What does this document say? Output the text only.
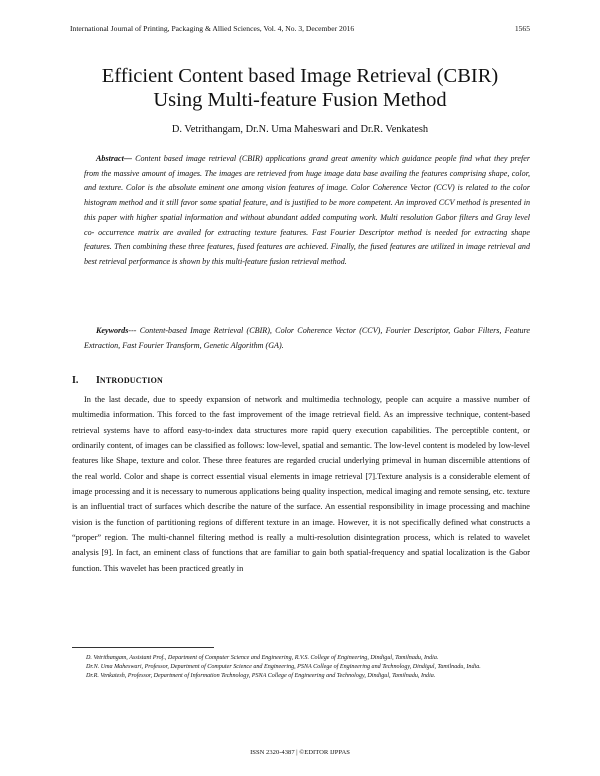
International Journal of Printing, Packaging & Allied Sciences, Vol. 4, No. 3, December 2016	1565
Efficient Content based Image Retrieval (CBIR)
Using Multi-feature Fusion Method
D. Vetrithangam, Dr.N. Uma Maheswari and Dr.R. Venkatesh

Abstract— Content based image retrieval (CBIR) applications grand great amenity which guidance people find what they prefer from the massive amount of images. The images are retrieved from huge image data base availing the features comprising shape, color, and texture. Color is the absolute eminent one among vision features of image. Color Coherence Vector (CCV) is related to the color histogram method and it still favor some spatial feature, and is justified to be more competent. An improved CCV method is presented in this paper with higher spatial information and without abundant added computing work. Multi resolution Gabor filters and Gray level co- occurrence matrix are availed for extracting texture features. Fast Fourier Descriptor method is needed for extracting shape features. Then combining these three features, fused features are achieved. Finally, the fused features are utilized in image retrieval and best retrieval performance is shown by this multi-feature fusion retrieval method.

Keywords--- Content-based Image Retrieval (CBIR), Color Coherence Vector (CCV), Fourier Descriptor, Gabor Filters, Feature Extraction, Fast Fourier Transform, Genetic Algorithm (GA).

I. INTRODUCTION

In the last decade, due to speedy expansion of network and multimedia technology, people can acquire a massive number of multimedia information. This forced to the fast improvement of the image retrieval field. As an impressive technique, content-based retrieval systems have to afford easy-to-index data structures more rapid query execution capabilities. The perceptible content, or ordinarily content, of images can be classified as follows: low-level, spatial and semantic. The low-level content is modeled by low-level features like Shape, texture and color. These three features are regarded crucial underlying primeval in human discernible attentions of the real world. Color and shape is correct essential visual elements in image retrieval [7].Texture analysis is a considerable element of image processing and it is necessary to numerous applications being quality inspection, medical imaging and remote sensing, etc. texture is an influential tract of surfaces which describe the nature of the surface. An essential responsibility in image processing and machine vision is the function of partitioning regions of different texture in an image. However, it is not specifically defined what constructs a “proper” region. The multi-channel filtering method is really a multi-resolution disintegration process, which is related to wavelet analysis [9]. In fact, an eminent class of functions that are familiar to gain both spatial-frequency and spatial localization is the Gabor function. This wavelet has been practiced greatly in

D. Vetrithangam, Assistant Prof., Department of Computer Science and Engineering, R.V.S. College of Engineering, Dindigul, Tamilnadu, India.

Dr.N. Uma Maheswari, Professor, Department of Computer Science and Engineering, PSNA College of Engineering and Technology, Dindigul, Tamilnadu, India.

Dr.R. Venkatesh, Professor, Department of Information Technology, PSNA College of Engineering and Technology, Dindigul, Tamilnadu, India.

ISSN 2320-4387 | ©EDITOR IJPPAS
